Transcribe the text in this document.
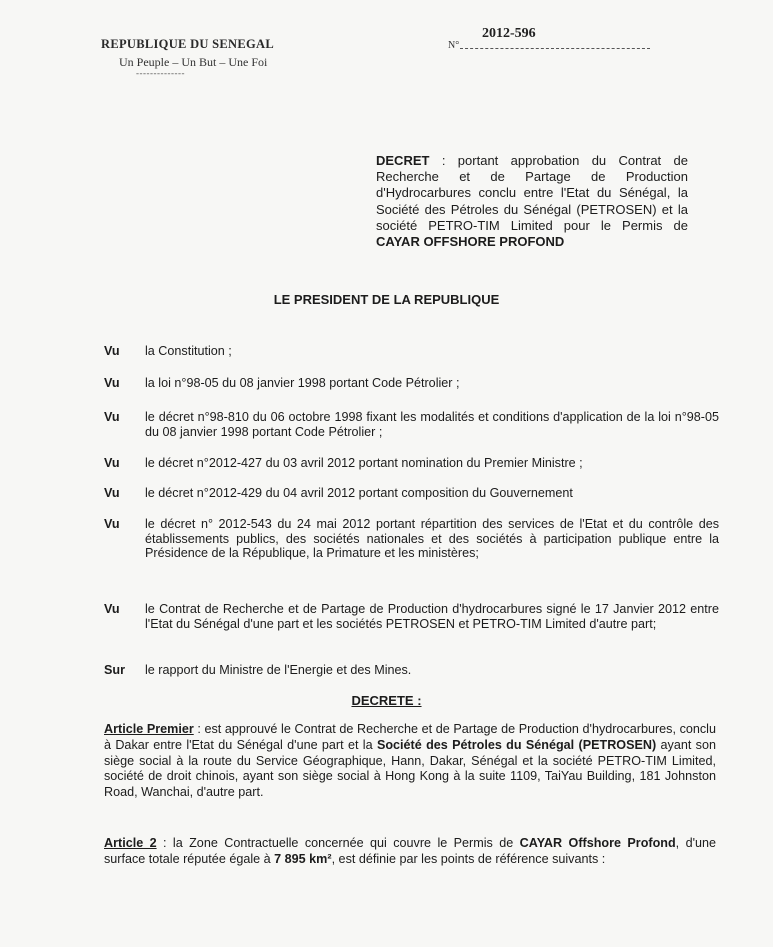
REPUBLIQUE DU SENEGAL
Un Peuple – Un But – Une Foi
--------------
N°
2012-596
DECRET : portant approbation du Contrat de Recherche et de Partage de Production d'Hydrocarbures conclu entre l'Etat du Sénégal, la Société des Pétroles du Sénégal (PETROSEN) et la société PETRO-TIM Limited pour le Permis de CAYAR OFFSHORE PROFOND
LE PRESIDENT DE LA REPUBLIQUE
Vu	la Constitution ;
Vu	la loi n°98-05 du 08 janvier 1998 portant Code Pétrolier ;
Vu	le décret n°98-810 du 06 octobre 1998 fixant les modalités et conditions d'application de la loi n°98-05 du 08 janvier 1998 portant Code Pétrolier ;
Vu	le décret n°2012-427 du 03 avril 2012 portant nomination du Premier Ministre ;
Vu	le décret n°2012-429 du 04 avril 2012 portant composition du Gouvernement
Vu	le décret n° 2012-543 du 24 mai 2012 portant répartition des services de l'Etat et du contrôle des établissements publics, des sociétés nationales et des sociétés à participation publique entre la Présidence de la République, la Primature et les ministères;
Vu	le Contrat de Recherche et de Partage de Production d'hydrocarbures signé le 17 Janvier 2012 entre l'Etat du Sénégal d'une part et les sociétés PETROSEN et PETRO-TIM Limited d'autre part;
Sur	le rapport du Ministre de l'Energie et des Mines.
DECRETE :
Article Premier : est approuvé le Contrat de Recherche et de Partage de Production d'hydrocarbures, conclu à Dakar entre l'Etat du Sénégal d'une part et la Société des Pétroles du Sénégal (PETROSEN) ayant son siège social à la route du Service Géographique, Hann, Dakar, Sénégal et la société PETRO-TIM Limited, société de droit chinois, ayant son siège social à Hong Kong à la suite 1109, TaiYau Building, 181 Johnston Road, Wanchai, d'autre part.
Article 2 : la Zone Contractuelle concernée qui couvre le Permis de CAYAR Offshore Profond, d'une surface totale réputée égale à 7 895 km², est définie par les points de référence suivants :
